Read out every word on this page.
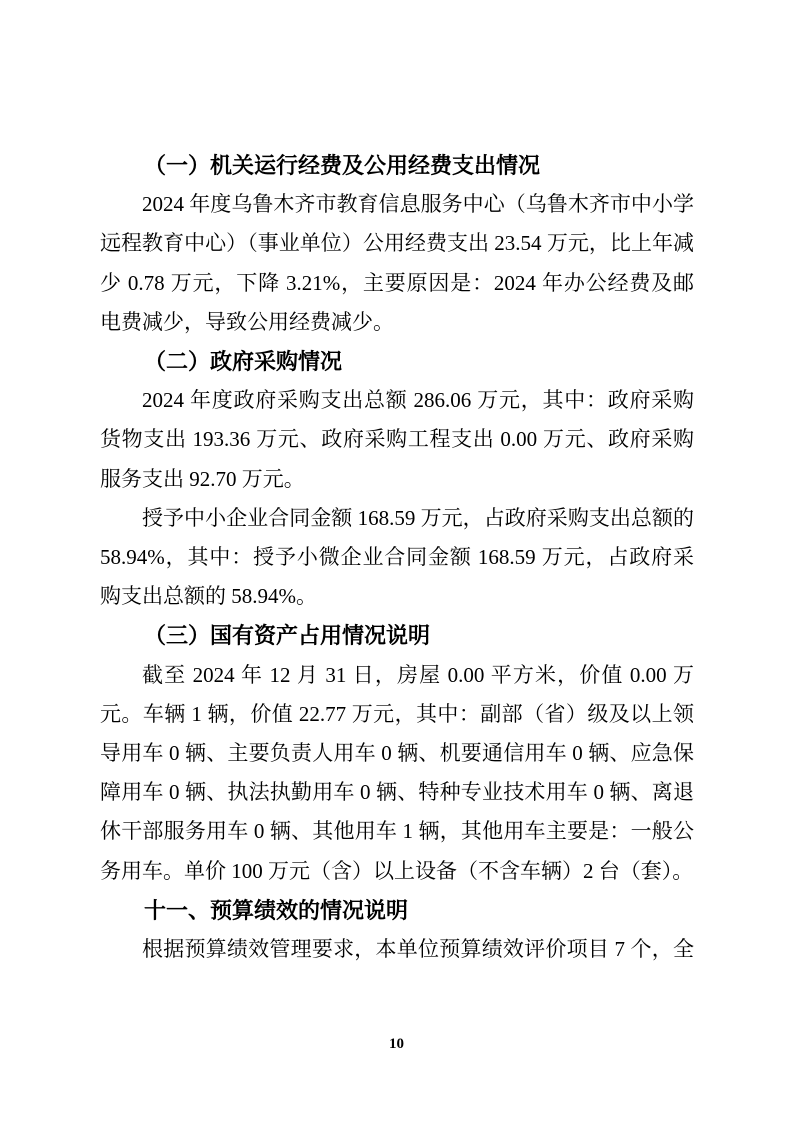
（一）机关运行经费及公用经费支出情况

2024 年度乌鲁木齐市教育信息服务中心（乌鲁木齐市中小学远程教育中心）（事业单位）公用经费支出 23.54 万元，比上年减少 0.78 万元，下降 3.21%，主要原因是：2024 年办公经费及邮电费减少，导致公用经费减少。

（二）政府采购情况

2024 年度政府采购支出总额 286.06 万元，其中：政府采购货物支出 193.36 万元、政府采购工程支出 0.00 万元、政府采购服务支出 92.70 万元。

授予中小企业合同金额 168.59 万元，占政府采购支出总额的 58.94%，其中：授予小微企业合同金额 168.59 万元，占政府采购支出总额的 58.94%。

（三）国有资产占用情况说明

截至 2024 年 12 月 31 日，房屋 0.00 平方米，价值 0.00 万元。车辆 1 辆，价值 22.77 万元，其中：副部（省）级及以上领导用车 0 辆、主要负责人用车 0 辆、机要通信用车 0 辆、应急保障用车 0 辆、执法执勤用车 0 辆、特种专业技术用车 0 辆、离退休干部服务用车 0 辆、其他用车 1 辆，其他用车主要是：一般公务用车。单价 100 万元（含）以上设备（不含车辆）2 台（套）。

十一、预算绩效的情况说明

根据预算绩效管理要求，本单位预算绩效评价项目 7 个，全

10
